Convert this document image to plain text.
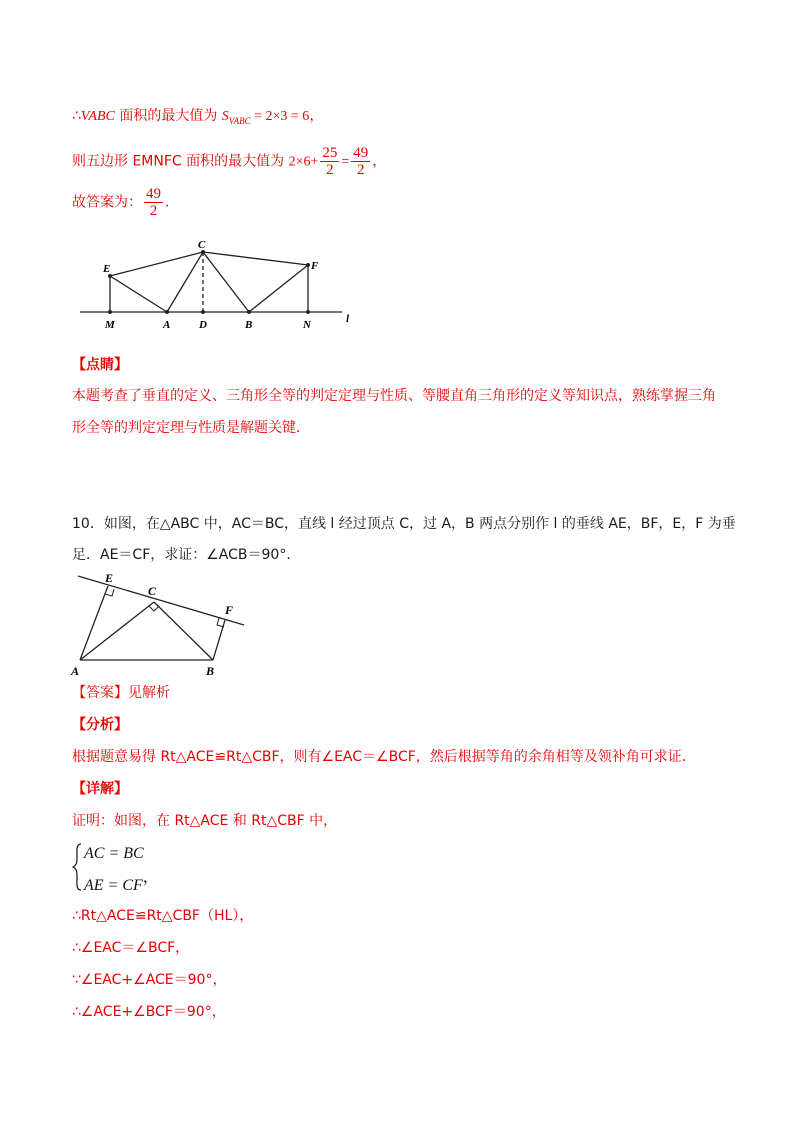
∴VABC 面积的最大值为 $S_{VABC} = 2\times 3 = 6$，
则五边形 EMNFC 面积的最大值为 $2\times 6+ \frac{25}{2} = \frac{49}{2}$ ，
故答案为： $\frac{49}{2}$ ．
E
C
F
M	A	D	B	N	l
【点睛】
本题考查了垂直的定义、三角形全等的判定定理与性质、等腰直角三角形的定义等知识点，熟练掌握三角
形全等的判定定理与性质是解题关键．
10．如图，在△ABC 中，AC＝BC，直线 l 经过顶点 C，过 A，B 两点分别作 l 的垂线 AE，BF，E，F 为垂
足．AE＝CF，求证：∠ACB＝90°．
E
C
F
A	B
【答案】见解析
【分析】
根据题意易得 Rt△ACE≌Rt△CBF，则有∠EAC＝∠BCF，然后根据等角的余角相等及领补角可求证．
【详解】
证明：如图，在 Rt△ACE 和 Rt△CBF 中，
AC = BC
AE = CF，
∴Rt△ACE≌Rt△CBF（HL），
∴∠EAC＝∠BCF，
∵∠EAC+∠ACE＝90°，
∴∠ACE+∠BCF＝90°，
